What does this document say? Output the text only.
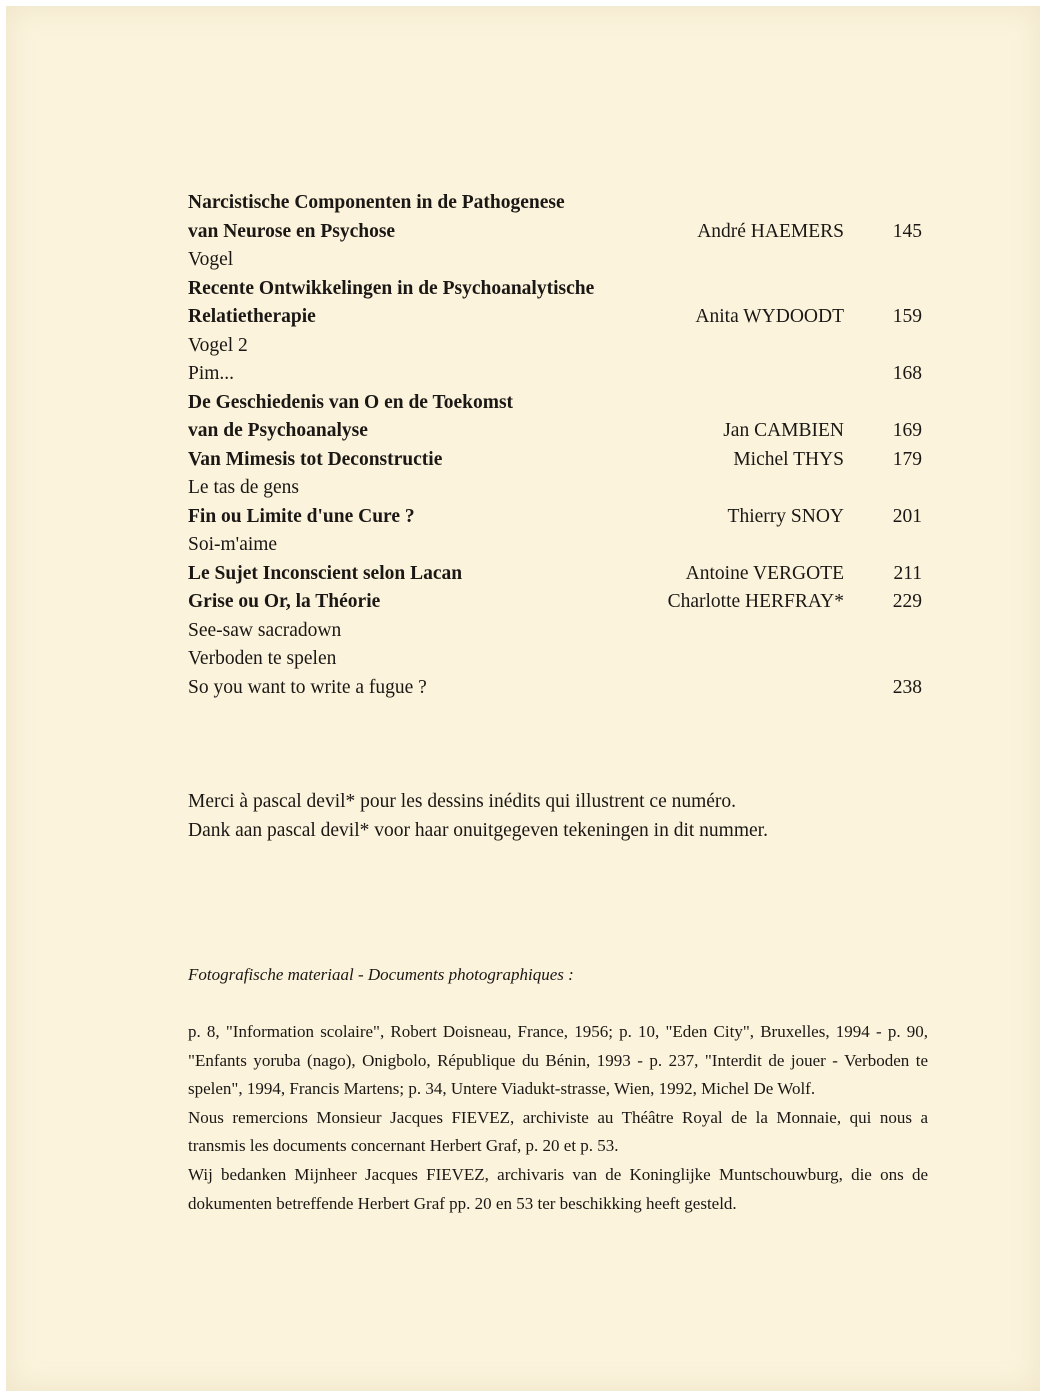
Narcistische Componenten in de Pathogenese
van Neurose en Psychose	André HAEMERS	145
Vogel
Recente Ontwikkelingen in de Psychoanalytische
Relatietherapie	Anita WYDOODT	159
Vogel 2
Pim...	168
De Geschiedenis van O en de Toekomst
van de Psychoanalyse	Jan CAMBIEN	169
Van Mimesis tot Deconstructie	Michel THYS	179
Le tas de gens
Fin ou Limite d'une Cure ?	Thierry SNOY	201
Soi-m'aime
Le Sujet Inconscient selon Lacan	Antoine VERGOTE	211
Grise ou Or, la Théorie	Charlotte HERFRAY*	229
See-saw sacradown
Verboden te spelen
So you want to write a fugue ?	238
Merci à pascal devil* pour les dessins inédits qui illustrent ce numéro.
Dank aan pascal devil* voor haar onuitgegeven tekeningen in dit nummer.
Fotografische materiaal - Documents photographiques :

p. 8, "Information scolaire", Robert Doisneau, France, 1956; p. 10, "Eden City", Bruxelles, 1994 - p. 90, "Enfants yoruba (nago), Onigbolo, République du Bénin, 1993 - p. 237, "Interdit de jouer - Verboden te spelen", 1994, Francis Martens; p. 34, Untere Viadukt-strasse, Wien, 1992, Michel De Wolf.

Nous remercions Monsieur Jacques FIEVEZ, archiviste au Théâtre Royal de la Monnaie, qui nous a transmis les documents concernant Herbert Graf, p. 20 et p. 53.

Wij bedanken Mijnheer Jacques FIEVEZ, archivaris van de Koninglijke Muntschouwburg, die ons de dokumenten betreffende Herbert Graf pp. 20 en 53 ter beschikking heeft gesteld.
